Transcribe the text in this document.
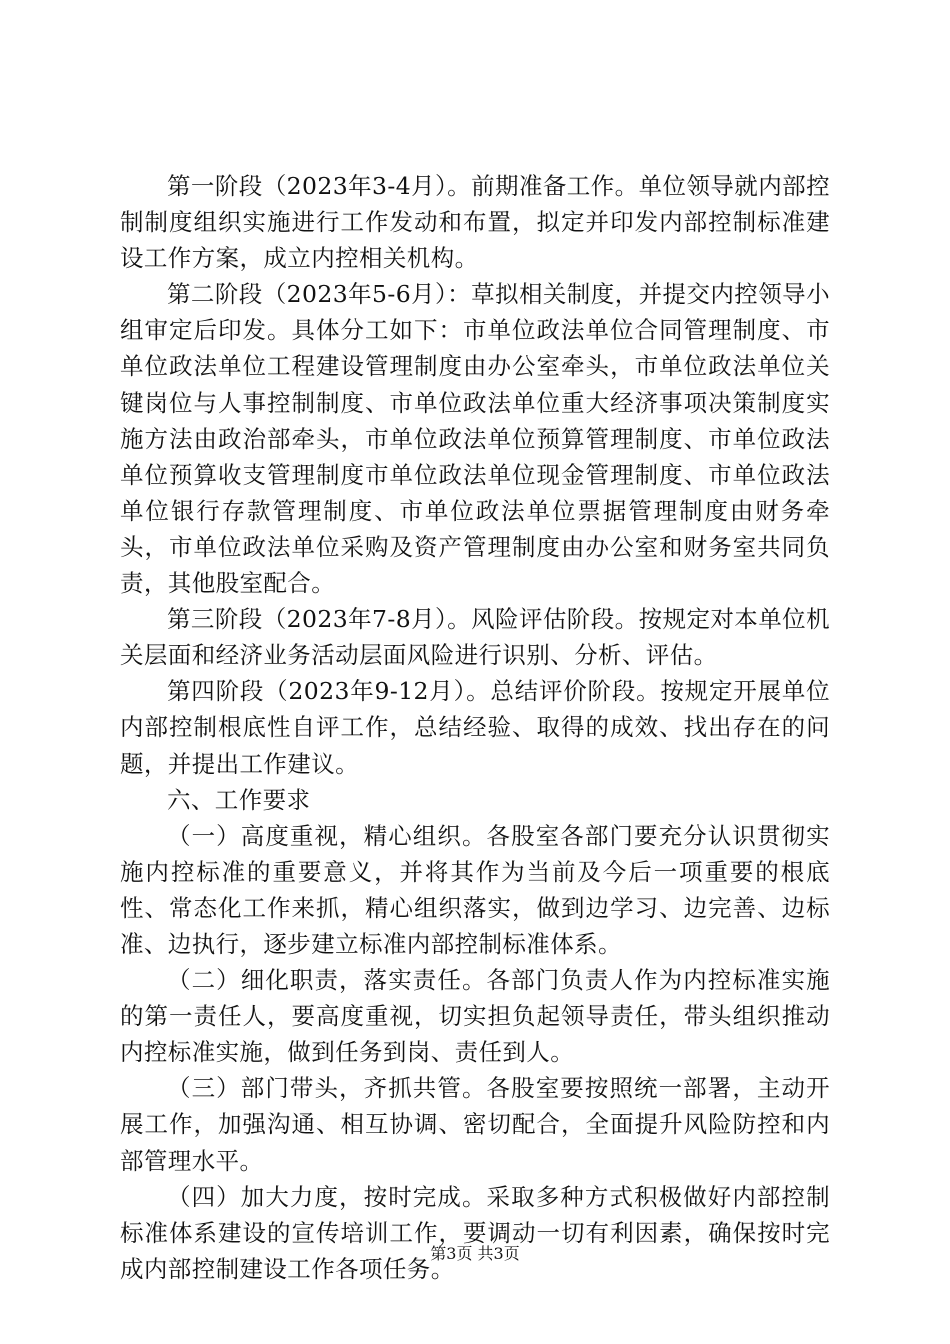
第一阶段（2023年3-4月）。前期准备工作。单位领导就内部控制制度组织实施进行工作发动和布置，拟定并印发内部控制标准建设工作方案，成立内控相关机构。

第二阶段（2023年5-6月）：草拟相关制度，并提交内控领导小组审定后印发。具体分工如下：市单位政法单位合同管理制度、市单位政法单位工程建设管理制度由办公室牵头，市单位政法单位关键岗位与人事控制制度、市单位政法单位重大经济事项决策制度实施方法由政治部牵头，市单位政法单位预算管理制度、市单位政法单位预算收支管理制度市单位政法单位现金管理制度、市单位政法单位银行存款管理制度、市单位政法单位票据管理制度由财务牵头，市单位政法单位采购及资产管理制度由办公室和财务室共同负责，其他股室配合。

第三阶段（2023年7-8月）。风险评估阶段。按规定对本单位机关层面和经济业务活动层面风险进行识别、分析、评估。

第四阶段（2023年9-12月）。总结评价阶段。按规定开展单位内部控制根底性自评工作，总结经验、取得的成效、找出存在的问题，并提出工作建议。

六、工作要求

（一）高度重视，精心组织。各股室各部门要充分认识贯彻实施内控标准的重要意义，并将其作为当前及今后一项重要的根底性、常态化工作来抓，精心组织落实，做到边学习、边完善、边标准、边执行，逐步建立标准内部控制标准体系。

（二）细化职责，落实责任。各部门负责人作为内控标准实施的第一责任人，要高度重视，切实担负起领导责任，带头组织推动内控标准实施，做到任务到岗、责任到人。

（三）部门带头，齐抓共管。各股室要按照统一部署，主动开展工作，加强沟通、相互协调、密切配合，全面提升风险防控和内部管理水平。

（四）加大力度，按时完成。采取多种方式积极做好内部控制标准体系建设的宣传培训工作，要调动一切有利因素，确保按时完成内部控制建设工作各项任务。

第3页 共3页
